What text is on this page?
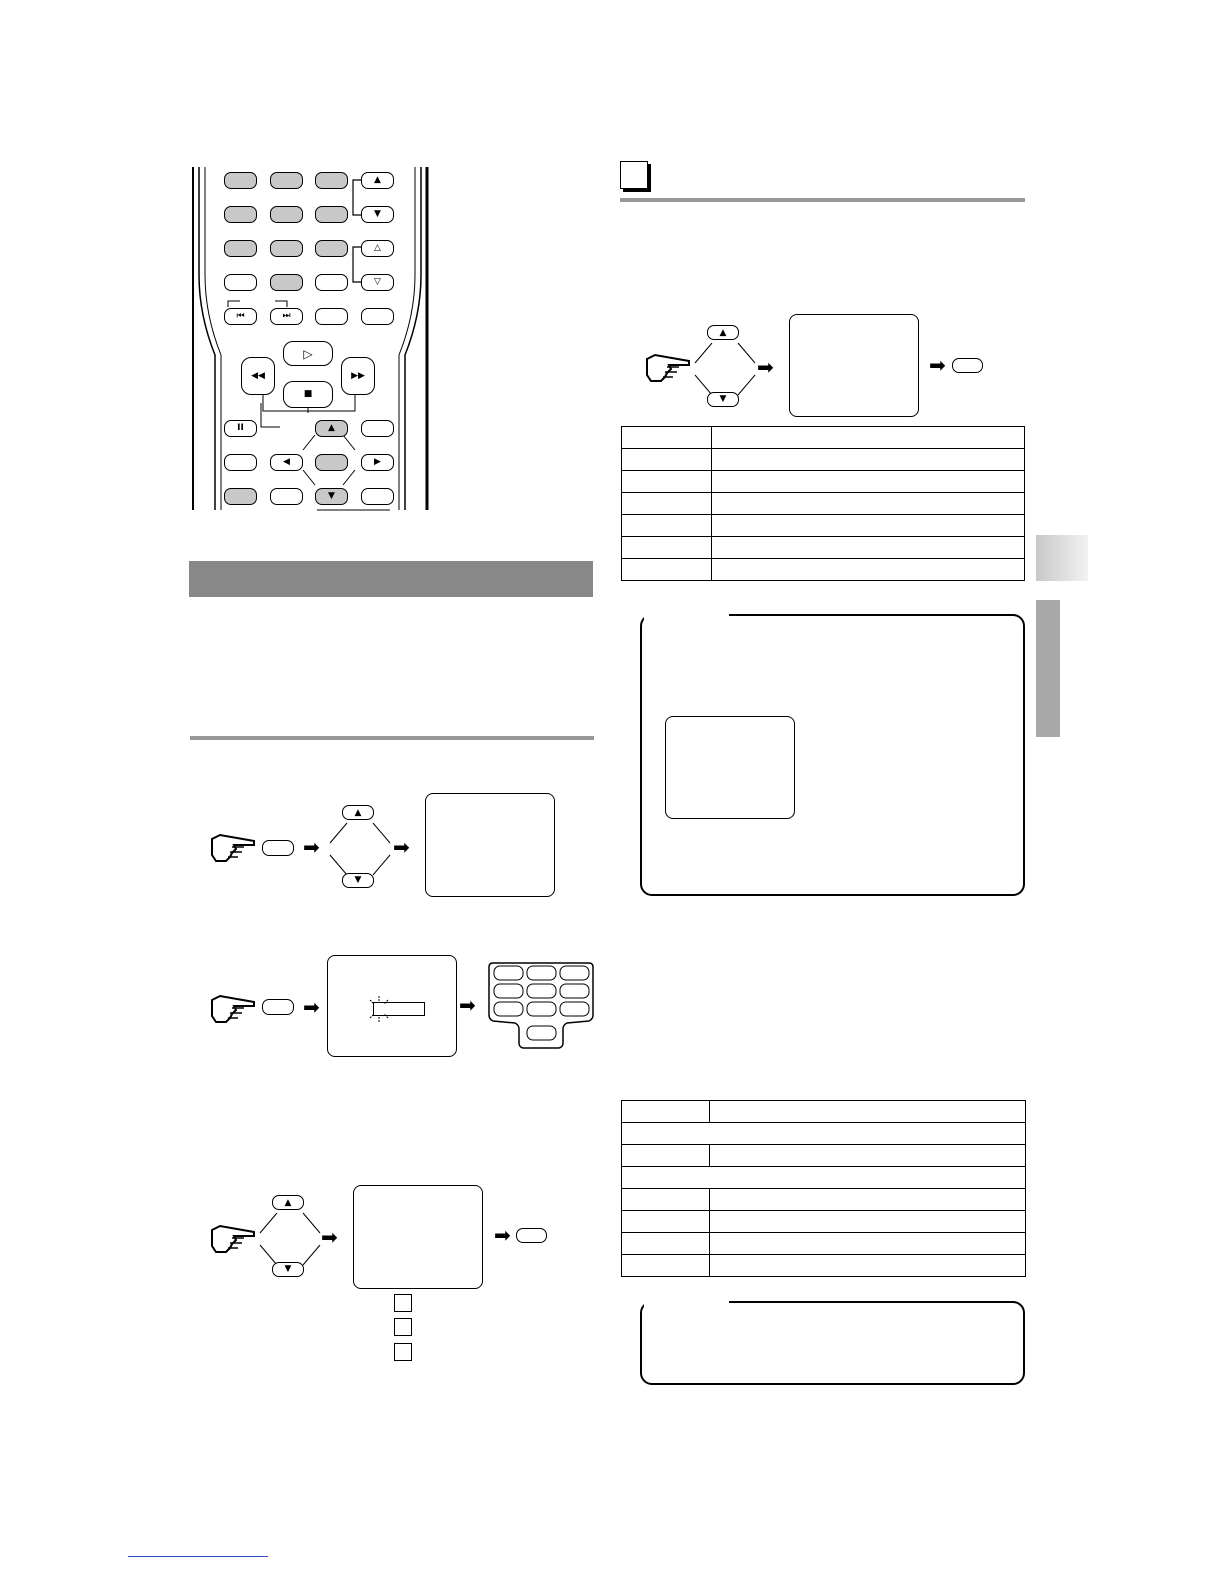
▲
▼
△
▽
⏮	⏭
▷
◀◀	▶▶
■
II	▲
◀	▶
▼
➡
▲
▼
➡
➡	➡
▲
▼
➡	➡
▲
▼
➡	➡
